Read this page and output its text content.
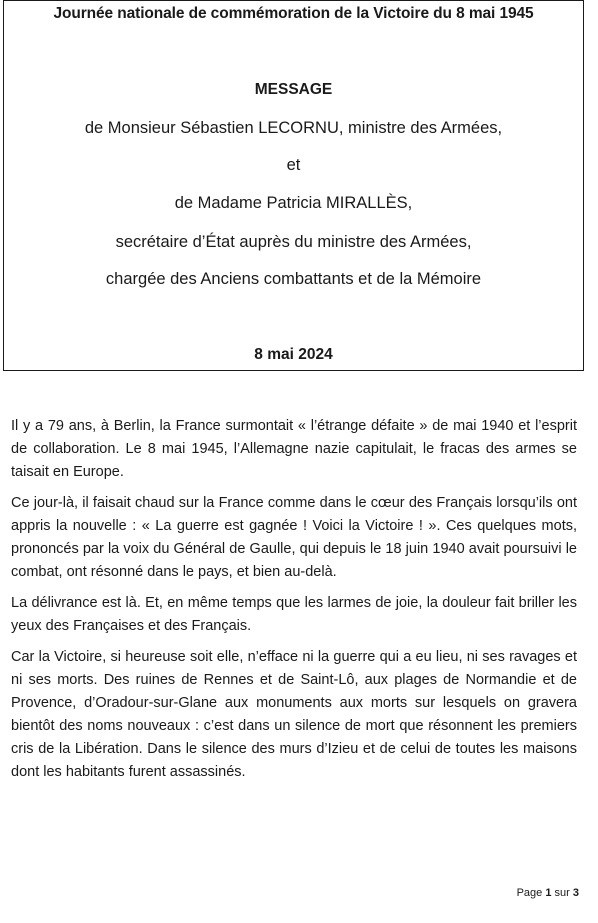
Journée nationale de commémoration de la Victoire du 8 mai 1945
MESSAGE
de Monsieur Sébastien LECORNU, ministre des Armées,
et
de Madame Patricia MIRALLÈS,
secrétaire d’État auprès du ministre des Armées,
chargée des Anciens combattants et de la Mémoire
8 mai 2024

Il y a 79 ans, à Berlin, la France surmontait « l’étrange défaite » de mai 1940 et l’esprit de collaboration. Le 8 mai 1945, l’Allemagne nazie capitulait, le fracas des armes se taisait en Europe.

Ce jour-là, il faisait chaud sur la France comme dans le cœur des Français lorsqu’ils ont appris la nouvelle : « La guerre est gagnée ! Voici la Victoire ! ». Ces quelques mots, prononcés par la voix du Général de Gaulle, qui depuis le 18 juin 1940 avait poursuivi le combat, ont résonné dans le pays, et bien au-delà.

La délivrance est là. Et, en même temps que les larmes de joie, la douleur fait briller les yeux des Françaises et des Français.

Car la Victoire, si heureuse soit elle, n’efface ni la guerre qui a eu lieu, ni ses ravages et ni ses morts. Des ruines de Rennes et de Saint-Lô, aux plages de Normandie et de Provence, d’Oradour-sur-Glane aux monuments aux morts sur lesquels on gravera bientôt des noms nouveaux : c’est dans un silence de mort que résonnent les premiers cris de la Libération. Dans le silence des murs d’Izieu et de celui de toutes les maisons dont les habitants furent assassinés.

Page 1 sur 3
